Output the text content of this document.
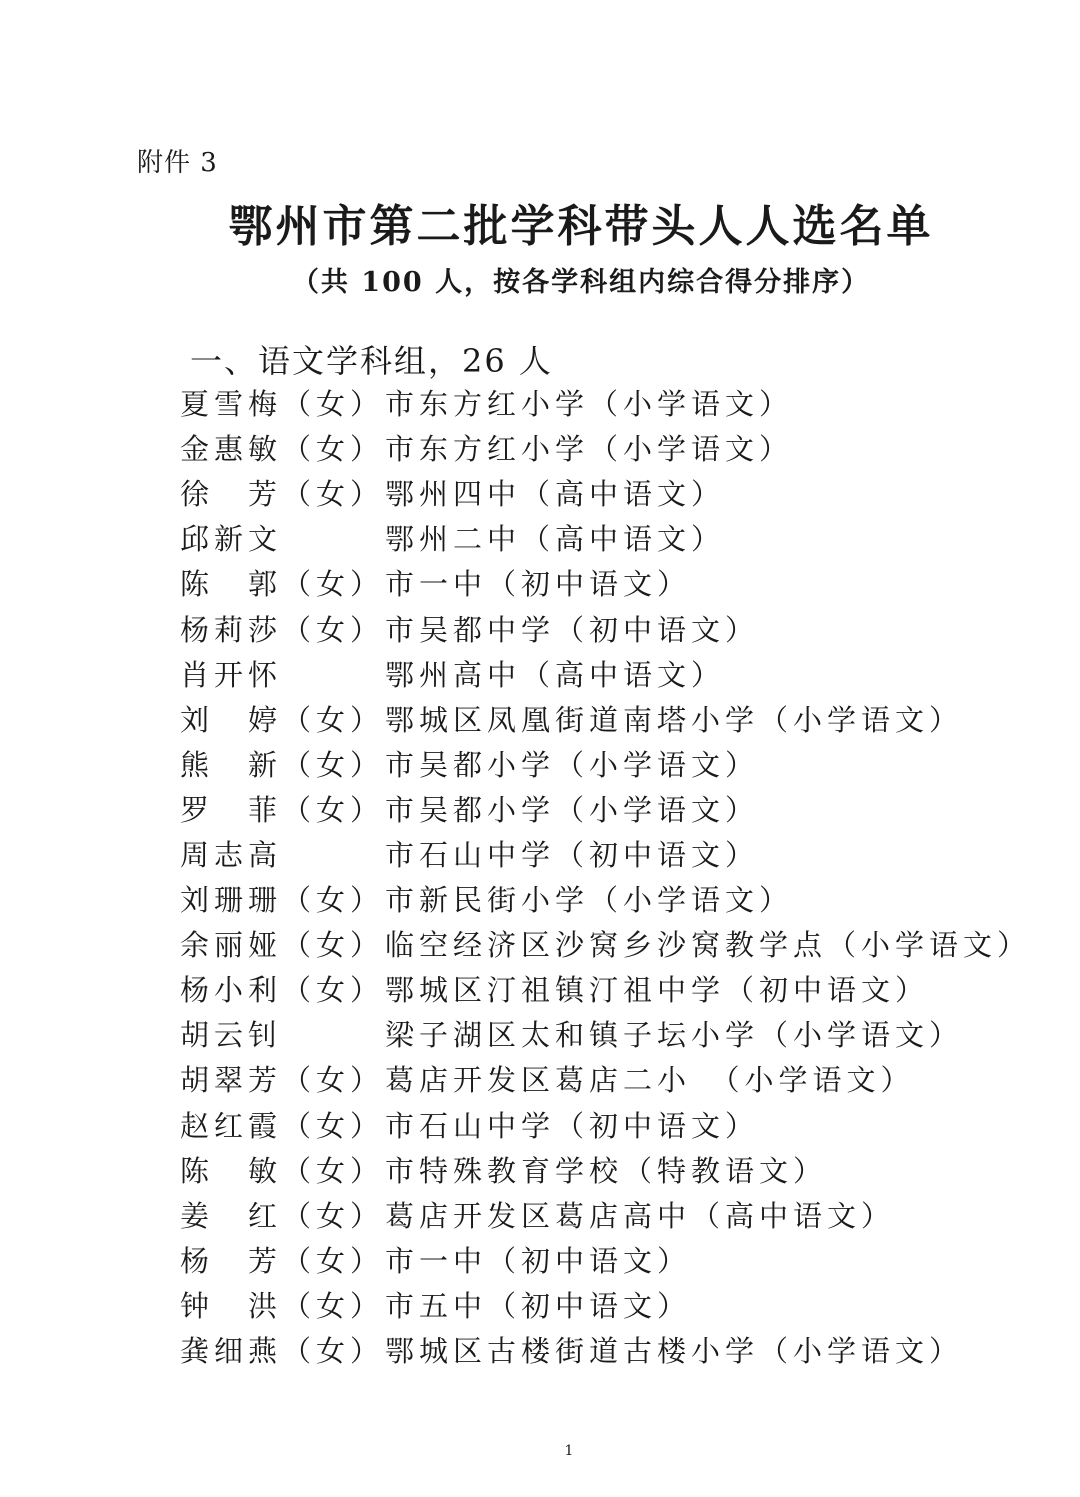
附件 3
鄂州市第二批学科带头人人选名单
（共 100 人，按各学科组内综合得分排序）
一、语文学科组，26 人
夏雪梅（女） 市东方红小学（小学语文）
金惠敏（女） 市东方红小学（小学语文）
徐　芳（女） 鄂州四中（高中语文）
邱新文	鄂州二中（高中语文）
陈　郭（女） 市一中（初中语文）
杨莉莎（女） 市吴都中学（初中语文）
肖开怀	鄂州高中（高中语文）
刘　婷（女） 鄂城区凤凰街道南塔小学（小学语文）
熊　新（女） 市吴都小学（小学语文）
罗　菲（女） 市吴都小学（小学语文）
周志高	市石山中学（初中语文）
刘珊珊（女） 市新民街小学（小学语文）
余丽娅（女） 临空经济区沙窝乡沙窝教学点（小学语文）
杨小利（女） 鄂城区汀祖镇汀祖中学（初中语文）
胡云钊	梁子湖区太和镇子坛小学（小学语文）
胡翠芳（女） 葛店开发区葛店二小　（小学语文）
赵红霞（女） 市石山中学（初中语文）
陈　敏（女） 市特殊教育学校（特教语文）
姜　红（女） 葛店开发区葛店高中（高中语文）
杨　芳（女） 市一中（初中语文）
钟　洪（女） 市五中（初中语文）
龚细燕（女） 鄂城区古楼街道古楼小学（小学语文）
1
